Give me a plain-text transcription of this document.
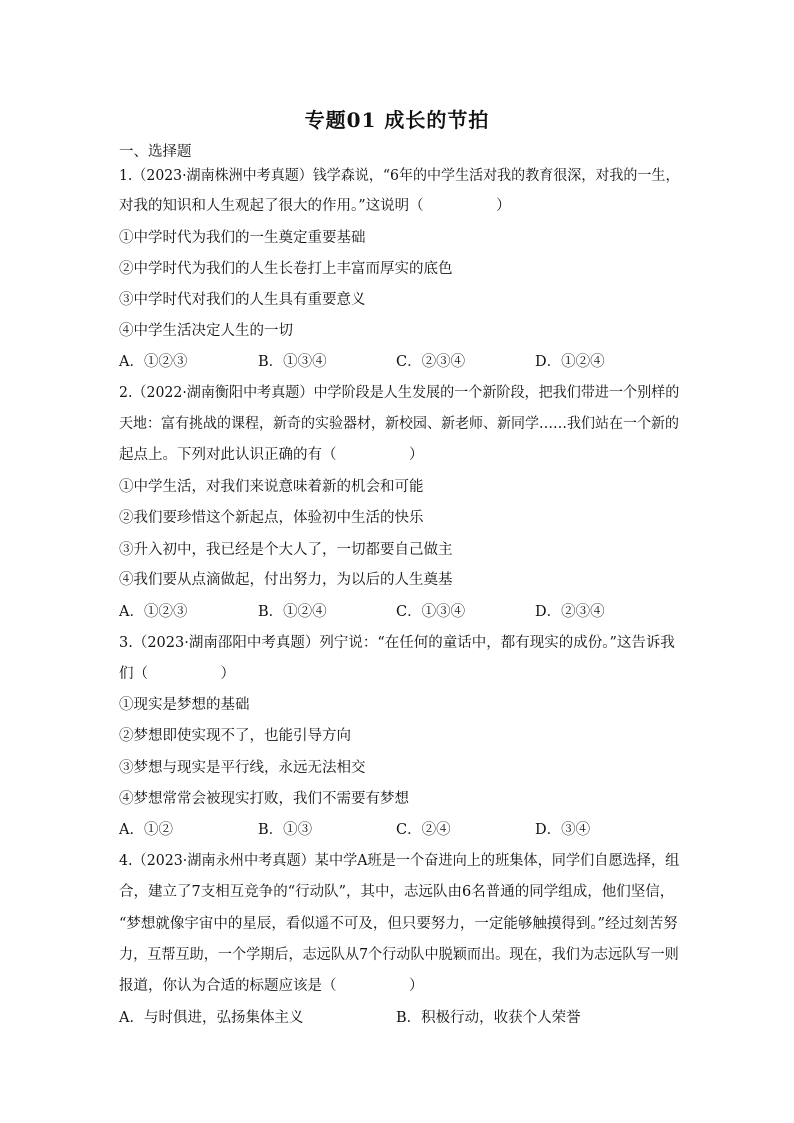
专题01 成长的节拍
一、选择题
1.（2023·湖南株洲中考真题）钱学森说，“6年的中学生活对我的教育很深，对我的一生，
对我的知识和人生观起了很大的作用。”这说明（　　　　　）
①中学时代为我们的一生奠定重要基础
②中学时代为我们的人生长卷打上丰富而厚实的底色
③中学时代对我们的人生具有重要意义
④中学生活决定人生的一切
A．①②③	B．①③④	C．②③④	D．①②④
2.（2022·湖南衡阳中考真题）中学阶段是人生发展的一个新阶段，把我们带进一个别样的
天地：富有挑战的课程，新奇的实验器材，新校园、新老师、新同学……我们站在一个新的
起点上。下列对此认识正确的有（　　　　　）
①中学生活，对我们来说意味着新的机会和可能
②我们要珍惜这个新起点，体验初中生活的快乐
③升入初中，我已经是个大人了，一切都要自己做主
④我们要从点滴做起，付出努力，为以后的人生奠基
A．①②③	B．①②④	C．①③④	D．②③④
3.（2023·湖南邵阳中考真题）列宁说：“在任何的童话中，都有现实的成份。”这告诉我
们（　　　　　）
①现实是梦想的基础
②梦想即使实现不了，也能引导方向
③梦想与现实是平行线，永远无法相交
④梦想常常会被现实打败，我们不需要有梦想
A．①②	B．①③	C．②④	D．③④
4.（2023·湖南永州中考真题）某中学A班是一个奋进向上的班集体，同学们自愿选择，组
合，建立了7支相互竞争的“行动队”，其中，志远队由6名普通的同学组成，他们坚信，
“梦想就像宇宙中的星辰，看似遥不可及，但只要努力，一定能够触摸得到。”经过刻苦努
力，互帮互助，一个学期后，志远队从7个行动队中脱颖而出。现在，我们为志远队写一则
报道，你认为合适的标题应该是（　　　　　）
A．与时俱进，弘扬集体主义	B．积极行动，收获个人荣誉
